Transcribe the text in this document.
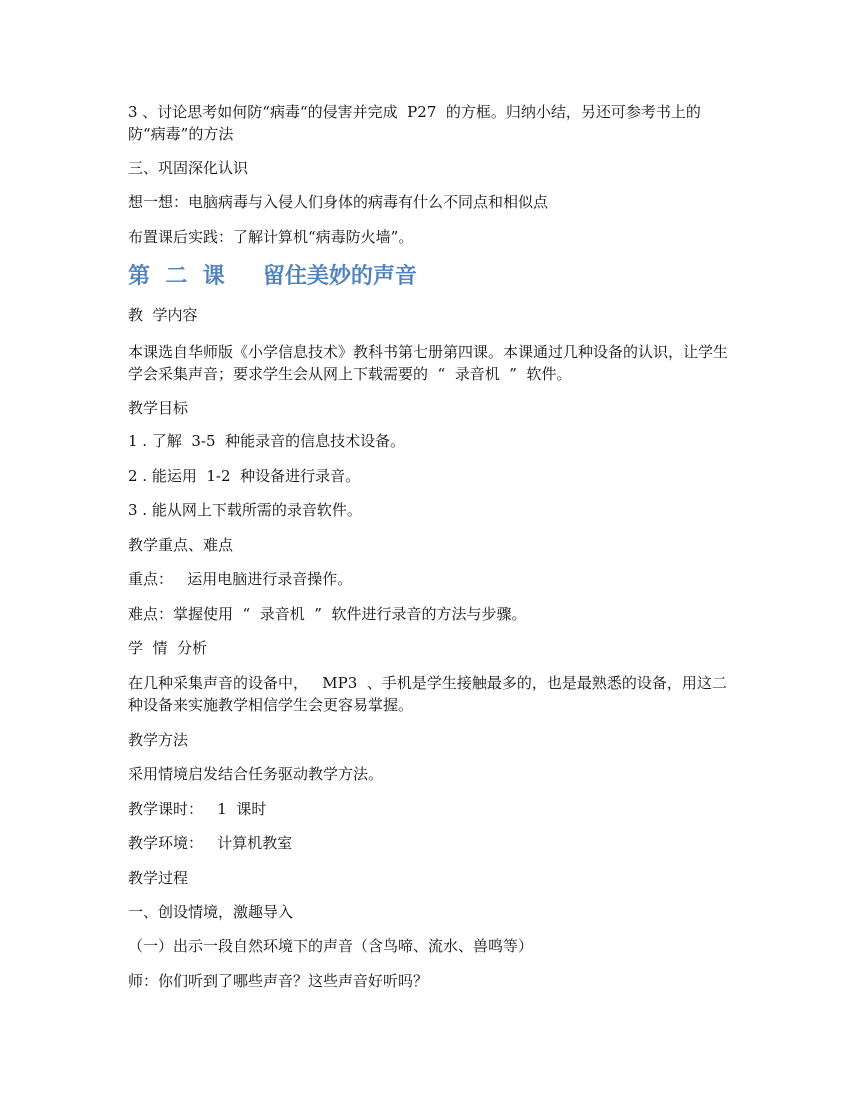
3 、讨论思考如何防“病毒“的侵害并完成  P27  的方框。归纳小结，另还可参考书上的防“病毒”的方法

三、巩固深化认识

想一想：电脑病毒与入侵人们身体的病毒有什么不同点和相似点

布置课后实践：了解计算机“病毒防火墙”。

第  二  课     留住美妙的声音

教  学内容

本课选自华师版《小学信息技术》教科书第七册第四课。本课通过几种设备的认识，让学生学会采集声音；要求学生会从网上下载需要的  “  录音机  ”  软件。

教学目标

1 . 了解  3-5  种能录音的信息技术设备。

2 . 能运用  1-2  种设备进行录音。

3 . 能从网上下载所需的录音软件。

教学重点、难点

重点：   运用电脑进行录音操作。

难点：掌握使用  “  录音机  ”  软件进行录音的方法与步骤。

学  情  分析

在几种采集声音的设备中，   MP3  、手机是学生接触最多的，也是最熟悉的设备，用这二种设备来实施教学相信学生会更容易掌握。

教学方法

采用情境启发结合任务驱动教学方法。

教学课时：   1  课时

教学环境：   计算机教室

教学过程

一、创设情境，激趣导入

（一）出示一段自然环境下的声音（含鸟啼、流水、兽鸣等）

师：你们听到了哪些声音？这些声音好听吗？
